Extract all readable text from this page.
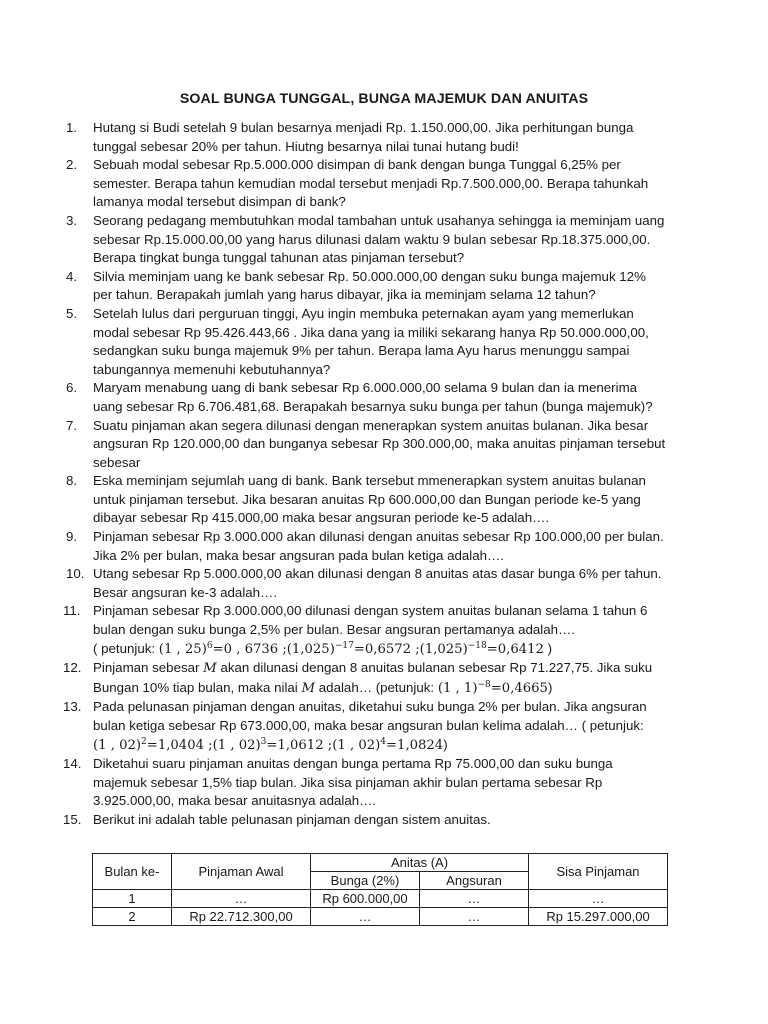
SOAL BUNGA TUNGGAL, BUNGA MAJEMUK DAN ANUITAS
1.	Hutang si Budi setelah 9 bulan besarnya menjadi Rp. 1.150.000,00. Jika perhitungan bunga tunggal sebesar 20% per tahun. Hiutng besarnya nilai tunai hutang budi!
2.	Sebuah modal sebesar Rp.5.000.000 disimpan di bank dengan bunga Tunggal 6,25% per semester. Berapa tahun kemudian modal tersebut menjadi Rp.7.500.000,00. Berapa tahunkah lamanya modal tersebut disimpan di bank?
3.	Seorang pedagang membutuhkan modal tambahan untuk usahanya sehingga ia meminjam uang sebesar Rp.15.000.00,00 yang harus dilunasi dalam waktu 9 bulan sebesar Rp.18.375.000,00. Berapa tingkat bunga tunggal tahunan atas pinjaman tersebut?
4.	Silvia meminjam uang ke bank sebesar Rp. 50.000.000,00 dengan suku bunga majemuk 12% per tahun. Berapakah jumlah yang harus dibayar, jika ia meminjam selama 12 tahun?
5.	Setelah lulus dari perguruan tinggi, Ayu ingin membuka peternakan ayam yang memerlukan modal sebesar Rp 95.426.443,66 . Jika dana yang ia miliki sekarang hanya Rp 50.000.000,00, sedangkan suku bunga majemuk 9% per tahun. Berapa lama Ayu harus menunggu sampai tabungannya memenuhi kebutuhannya?
6.	Maryam menabung uang di bank sebesar Rp 6.000.000,00 selama 9 bulan dan ia menerima uang sebesar Rp 6.706.481,68. Berapakah besarnya suku bunga per tahun (bunga majemuk)?
7.	Suatu pinjaman akan segera dilunasi dengan menerapkan system anuitas bulanan. Jika besar angsuran Rp 120.000,00 dan bunganya sebesar Rp 300.000,00, maka anuitas pinjaman tersebut sebesar
8.	Eska meminjam sejumlah uang di bank. Bank tersebut mmenerapkan system anuitas bulanan untuk pinjaman tersebut. Jika besaran anuitas Rp 600.000,00 dan Bungan periode ke-5 yang dibayar sebesar Rp 415.000,00 maka besar angsuran periode ke-5 adalah….
9.	Pinjaman sebesar Rp 3.000.000 akan dilunasi dengan anuitas sebesar Rp 100.000,00 per bulan. Jika 2% per bulan, maka besar angsuran pada bulan ketiga adalah….
10. Utang sebesar Rp 5.000.000,00 akan dilunasi dengan 8 anuitas atas dasar bunga 6% per tahun. Besar angsuran ke-3 adalah….
11. Pinjaman sebesar Rp 3.000.000,00 dilunasi dengan system anuitas bulanan selama 1 tahun 6 bulan dengan suku bunga 2,5% per bulan. Besar angsuran pertamanya adalah….
( petunjuk: (1 , 25)$^6$=0 , 6736 $;(1,025)^{-17}=0,6572$ $;(1,025)^{-18}=0,6412$ )
12. Pinjaman sebesar M akan dilunasi dengan 8 anuitas bulanan sebesar Rp 71.227,75. Jika suku Bungan 10% tiap bulan, maka nilai M adalah… (petunjuk: (1 , 1)$^{-8}$=0,4665)
13. Pada pelunasan pinjaman dengan anuitas, diketahui suku bunga 2% per bulan. Jika angsuran bulan ketiga sebesar Rp 673.000,00, maka besar angsuran bulan kelima adalah… ( petunjuk:
(1 , 02)$^2$=1,0404 ;(1 , 02)$^3$=1,0612 ;(1 , 02)$^4$=1,0824)
14. Diketahui suaru pinjaman anuitas dengan bunga pertama Rp 75.000,00 dan suku bunga majemuk sebesar 1,5% tiap bulan. Jika sisa pinjaman akhir bulan pertama sebesar Rp 3.925.000,00, maka besar anuitasnya adalah….
15. Berikut ini adalah table pelunasan pinjaman dengan sistem anuitas.
Bulan ke-	Pinjaman Awal	Anitas (A)		Sisa Pinjaman
		Bunga (2%)	Angsuran	
1	…	Rp 600.000,00	…	…
2	Rp 22.712.300,00	…	…	Rp 15.297.000,00
